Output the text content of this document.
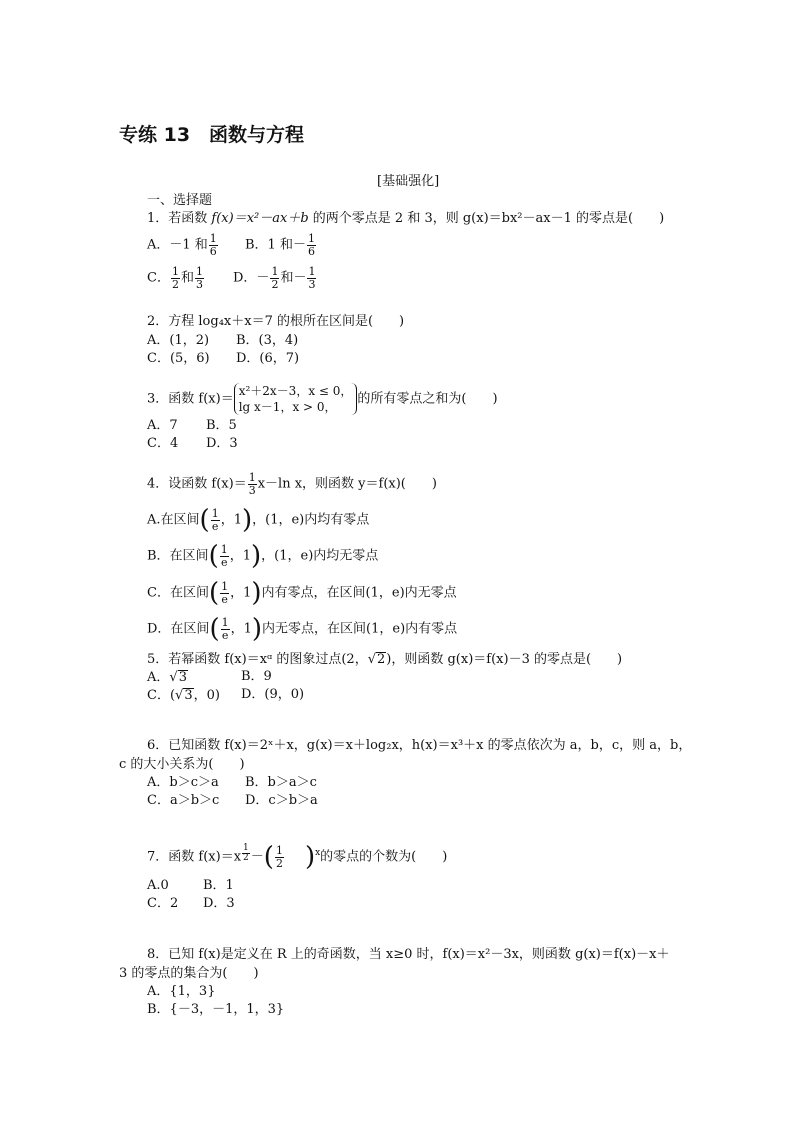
专练 13　函数与方程
[基础强化]
一、选择题
1．若函数 f(x)＝x²－ax＋b 的两个零点是 2 和 3，则 g(x)＝bx²－ax－1 的零点是(　　)
A．－1 和 $\frac{1}{6}$ B．1 和－ $\frac{1}{6}$
C． $\frac{1}{2}$ 和 $\frac{1}{3}$ D．－ $\frac{1}{2}$ 和－ $\frac{1}{3}$
2．方程 log₄x＋x＝7 的根所在区间是(　　)
A．(1，2) B．(3，4)
C．(5，6) D．(6，7)
3．函数 f(x)＝
x²＋2x－3，x ≤ 0，
lg x－1，x > 0，
的所有零点之和为(　　)
A．7 B．5
C．4 D．3
4．设函数 $f(x)= \frac{1}{3} x-\ln$ x，则函数 y＝f(x)(　　)
A.在区间( $\frac{1}{e}$ ，1)，(1，e)内均有零点
B．在区间( $\frac{1}{e}$ ，1)，(1，e)内均无零点
C．在区间( $\frac{1}{e}$ ，1)内有零点，在区间(1，e)内无零点
D．在区间( $\frac{1}{e}$ ，1)内无零点，在区间(1，e)内有零点
5．若幂函数 f(x)＝xᵅ 的图象过点(2，√2)，则函数 g(x)＝f(x)－3 的零点是(　　)
A．√3	B．9
C．(√3，0) D．(9，0)
6．已知函数 f(x)＝2ˣ＋x，g(x)＝x＋log₂x，h(x)＝x³＋x 的零点依次为 a，b，c，则 a，b，
c 的大小关系为(　　)
A．b＞c＞a B．b＞a＞c
C．a＞b＞c D．c＞b＞a
7．函数 $f(x)=x \frac{1}{2}$ －( $\frac{1}{2} )^x$的零点的个数为(　　)
A.0	B．1
C．2 D．3
8．已知 f(x)是定义在 R 上的奇函数，当 x≥0 时，f(x)＝x²－3x，则函数 g(x)＝f(x)－x＋
3 的零点的集合为(　　)
A．{1，3}
B．{－3，－1，1，3}
